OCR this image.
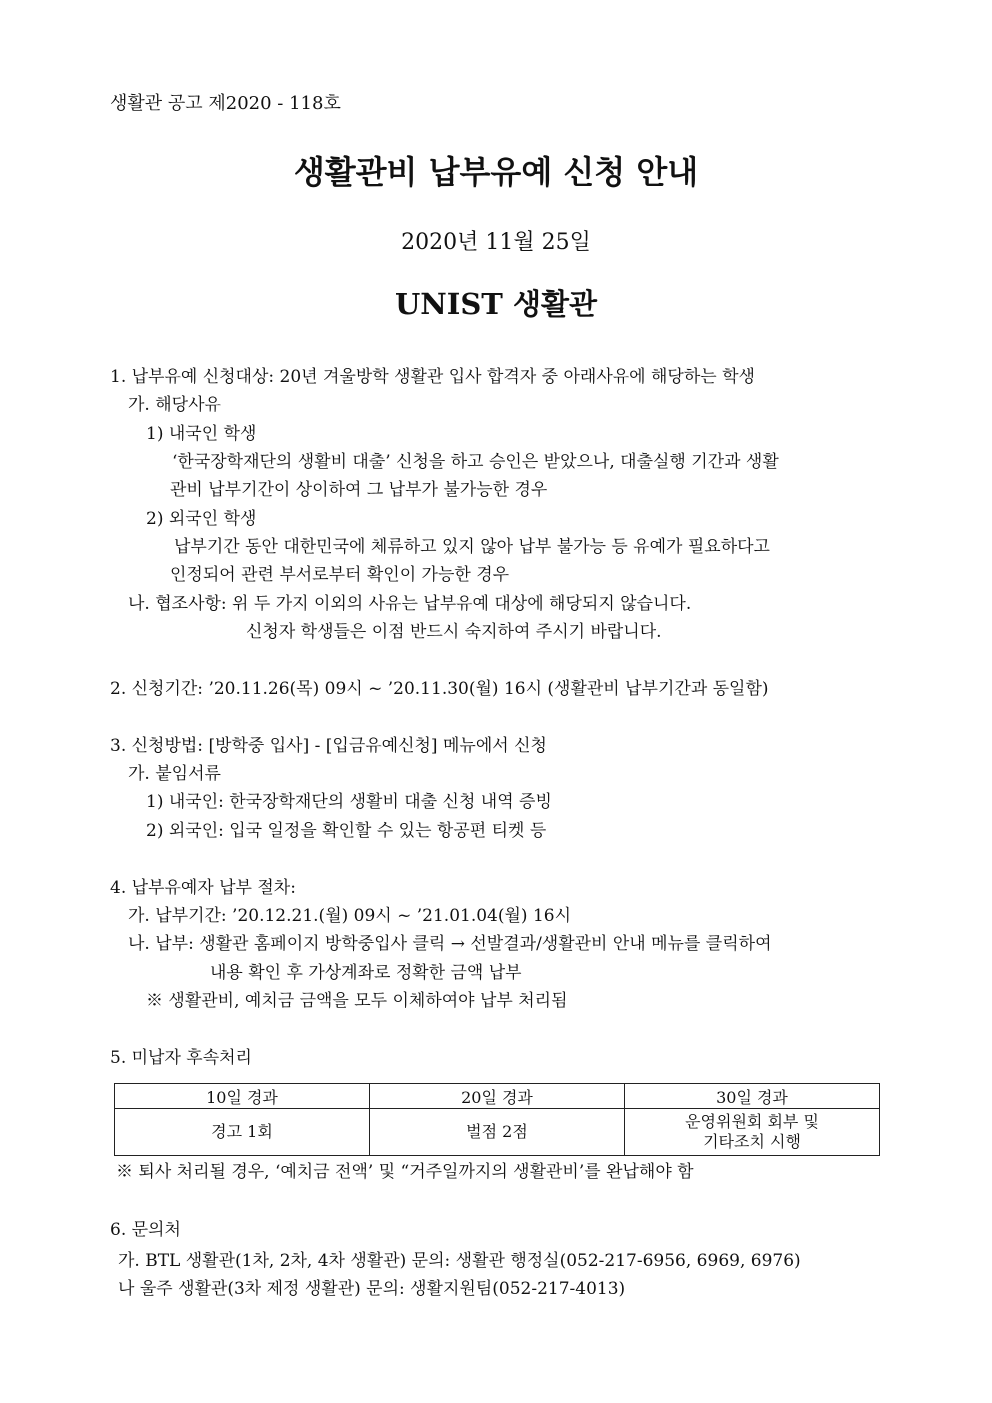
생활관 공고 제2020 - 118호
생활관비 납부유예 신청 안내
2020년 11월 25일
UNIST 생활관
1. 납부유예 신청대상: 20년 겨울방학 생활관 입사 합격자 중 아래사유에 해당하는 학생
가. 해당사유
1) 내국인 학생
‘한국장학재단의 생활비 대출’ 신청을 하고 승인은 받았으나, 대출실행 기간과 생활
관비 납부기간이 상이하여 그 납부가 불가능한 경우
2) 외국인 학생
납부기간 동안 대한민국에 체류하고 있지 않아 납부 불가능 등 유예가 필요하다고
인정되어 관련 부서로부터 확인이 가능한 경우
나. 협조사항: 위 두 가지 이외의 사유는 납부유예 대상에 해당되지 않습니다.
신청자 학생들은 이점 반드시 숙지하여 주시기 바랍니다.
2. 신청기간: ’20.11.26(목) 09시 ~ ’20.11.30(월) 16시 (생활관비 납부기간과 동일함)
3. 신청방법: [방학중 입사] - [입금유예신청] 메뉴에서 신청
가. 붙임서류
1) 내국인: 한국장학재단의 생활비 대출 신청 내역 증빙
2) 외국인: 입국 일정을 확인할 수 있는 항공편 티켓 등
4. 납부유예자 납부 절차:
가. 납부기간: ’20.12.21.(월) 09시 ~ ’21.01.04(월) 16시
나. 납부: 생활관 홈페이지 방학중입사 클릭 → 선발결과/생활관비 안내 메뉴를 클릭하여
내용 확인 후 가상계좌로 정확한 금액 납부
※ 생활관비, 예치금 금액을 모두 이체하여야 납부 처리됨
5. 미납자 후속처리
10일 경과	20일 경과	30일 경과
경고 1회	벌점 2점	운영위원회 회부 및
기타조치 시행
※ 퇴사 처리될 경우, ‘예치금 전액’ 및 “거주일까지의 생활관비’를 완납해야 함
6. 문의처
가. BTL 생활관(1차, 2차, 4차 생활관) 문의: 생활관 행정실(052-217-6956, 6969, 6976)
나 울주 생활관(3차 제정 생활관) 문의: 생활지원팀(052-217-4013)
